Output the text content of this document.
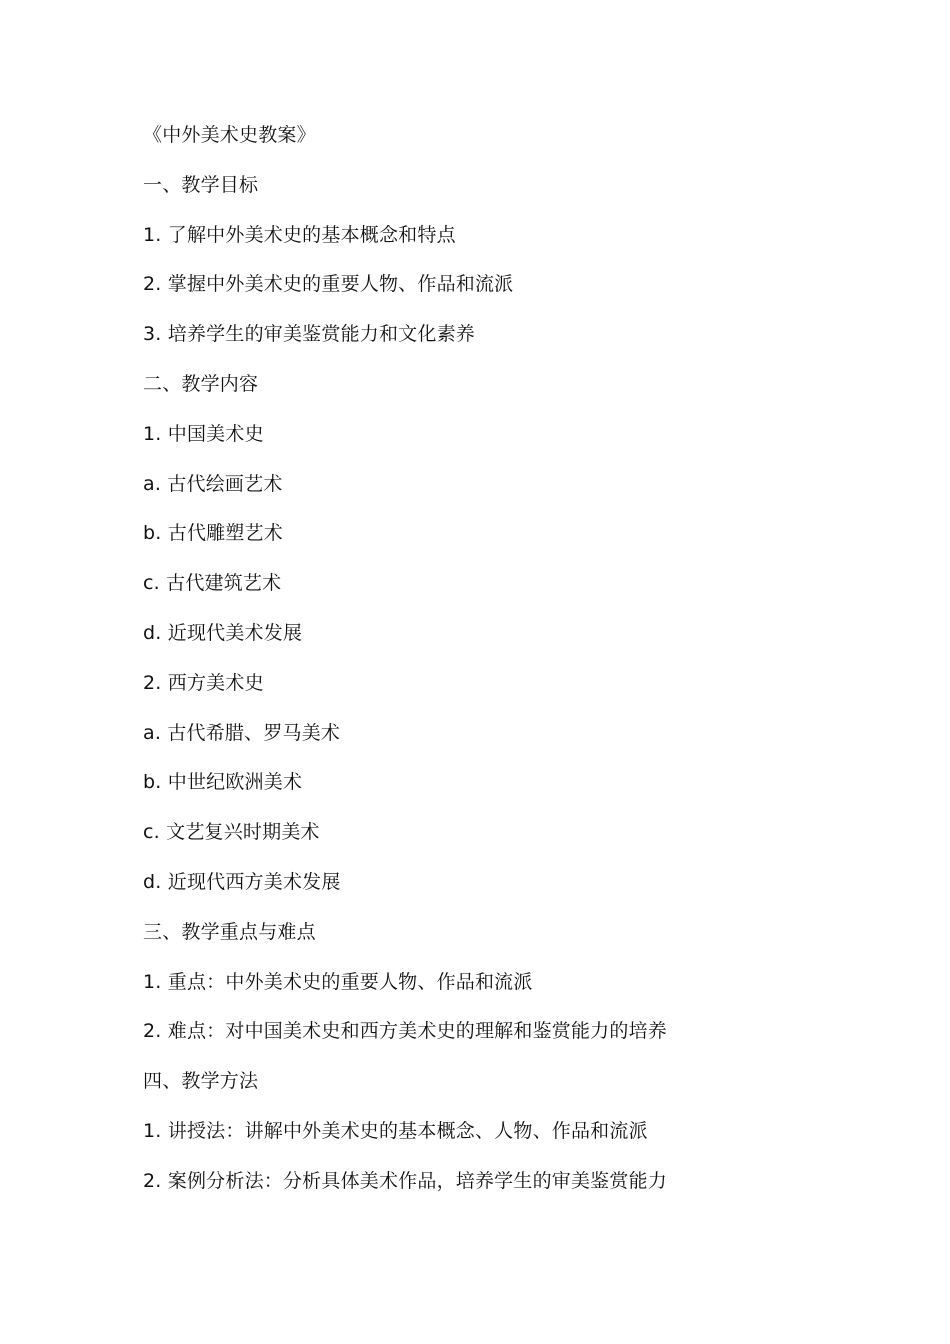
《中外美术史教案》
一、教学目标
1. 了解中外美术史的基本概念和特点
2. 掌握中外美术史的重要人物、作品和流派
3. 培养学生的审美鉴赏能力和文化素养
二、教学内容
1. 中国美术史
a. 古代绘画艺术
b. 古代雕塑艺术
c. 古代建筑艺术
d. 近现代美术发展
2. 西方美术史
a. 古代希腊、罗马美术
b. 中世纪欧洲美术
c. 文艺复兴时期美术
d. 近现代西方美术发展
三、教学重点与难点
1. 重点：中外美术史的重要人物、作品和流派
2. 难点：对中国美术史和西方美术史的理解和鉴赏能力的培养
四、教学方法
1. 讲授法：讲解中外美术史的基本概念、人物、作品和流派
2. 案例分析法：分析具体美术作品，培养学生的审美鉴赏能力
